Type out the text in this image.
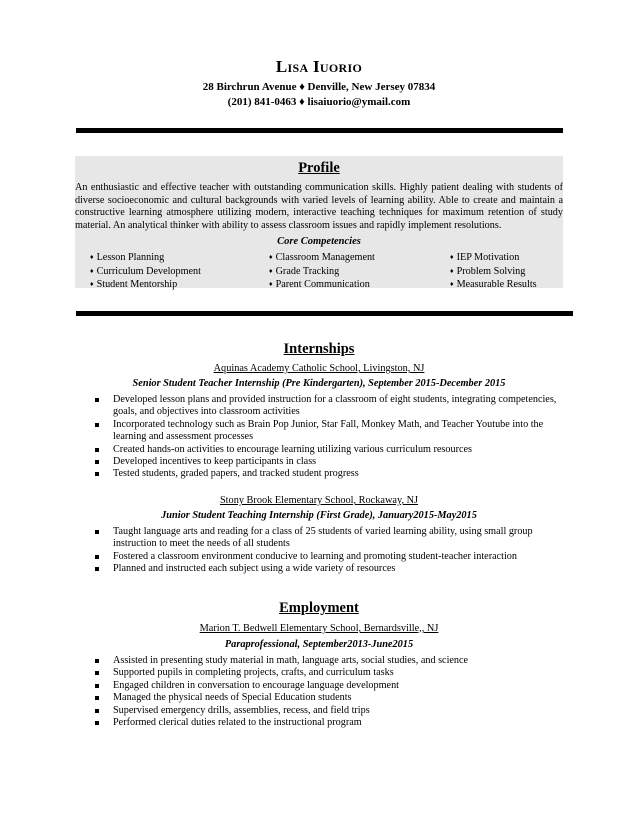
Lisa Iuorio
28 Birchrun Avenue ♦ Denville, New Jersey 07834
(201) 841-0463 ♦ lisaiuorio@ymail.com
Profile
An enthusiastic and effective teacher with outstanding communication skills. Highly patient dealing with students of diverse socioeconomic and cultural backgrounds with varied levels of learning ability. Able to create and maintain a constructive learning atmosphere utilizing modern, interactive teaching techniques for maximum retention of study material. An analytical thinker with ability to assess classroom issues and rapidly implement resolutions.
Core Competencies
♦ Lesson Planning
♦ Curriculum Development
♦ Student Mentorship
♦ Classroom Management
♦ Grade Tracking
♦ Parent Communication
♦ IEP Motivation
♦ Problem Solving
♦ Measurable Results
Internships
Aquinas Academy Catholic School, Livingston, NJ
Senior Student Teacher Internship (Pre Kindergarten), September 2015-December 2015
Developed lesson plans and provided instruction for a classroom of eight students, integrating competencies, goals, and objectives into classroom activities
Incorporated technology such as Brain Pop Junior, Star Fall, Monkey Math, and Teacher Youtube into the learning and assessment processes
Created hands-on activities to encourage learning utilizing various curriculum resources
Developed incentives to keep participants in class
Tested students, graded papers, and tracked student progress
Stony Brook Elementary School, Rockaway, NJ
Junior Student Teaching Internship (First Grade), January2015-May2015
Taught language arts and reading for a class of 25 students of varied learning ability, using small group instruction to meet the needs of all students
Fostered a classroom environment conducive to learning and promoting student-teacher interaction
Planned and instructed each subject using a wide variety of resources
Employment
Marion T. Bedwell Elementary School, Bernardsville,, NJ
Paraprofessional, September2013-June2015
Assisted in presenting study material in math, language arts, social studies, and science
Supported pupils in completing projects, crafts, and curriculum tasks
Engaged children in conversation to encourage language development
Managed the physical needs of Special Education students
Supervised emergency drills, assemblies, recess, and field trips
Performed clerical duties related to the instructional program
